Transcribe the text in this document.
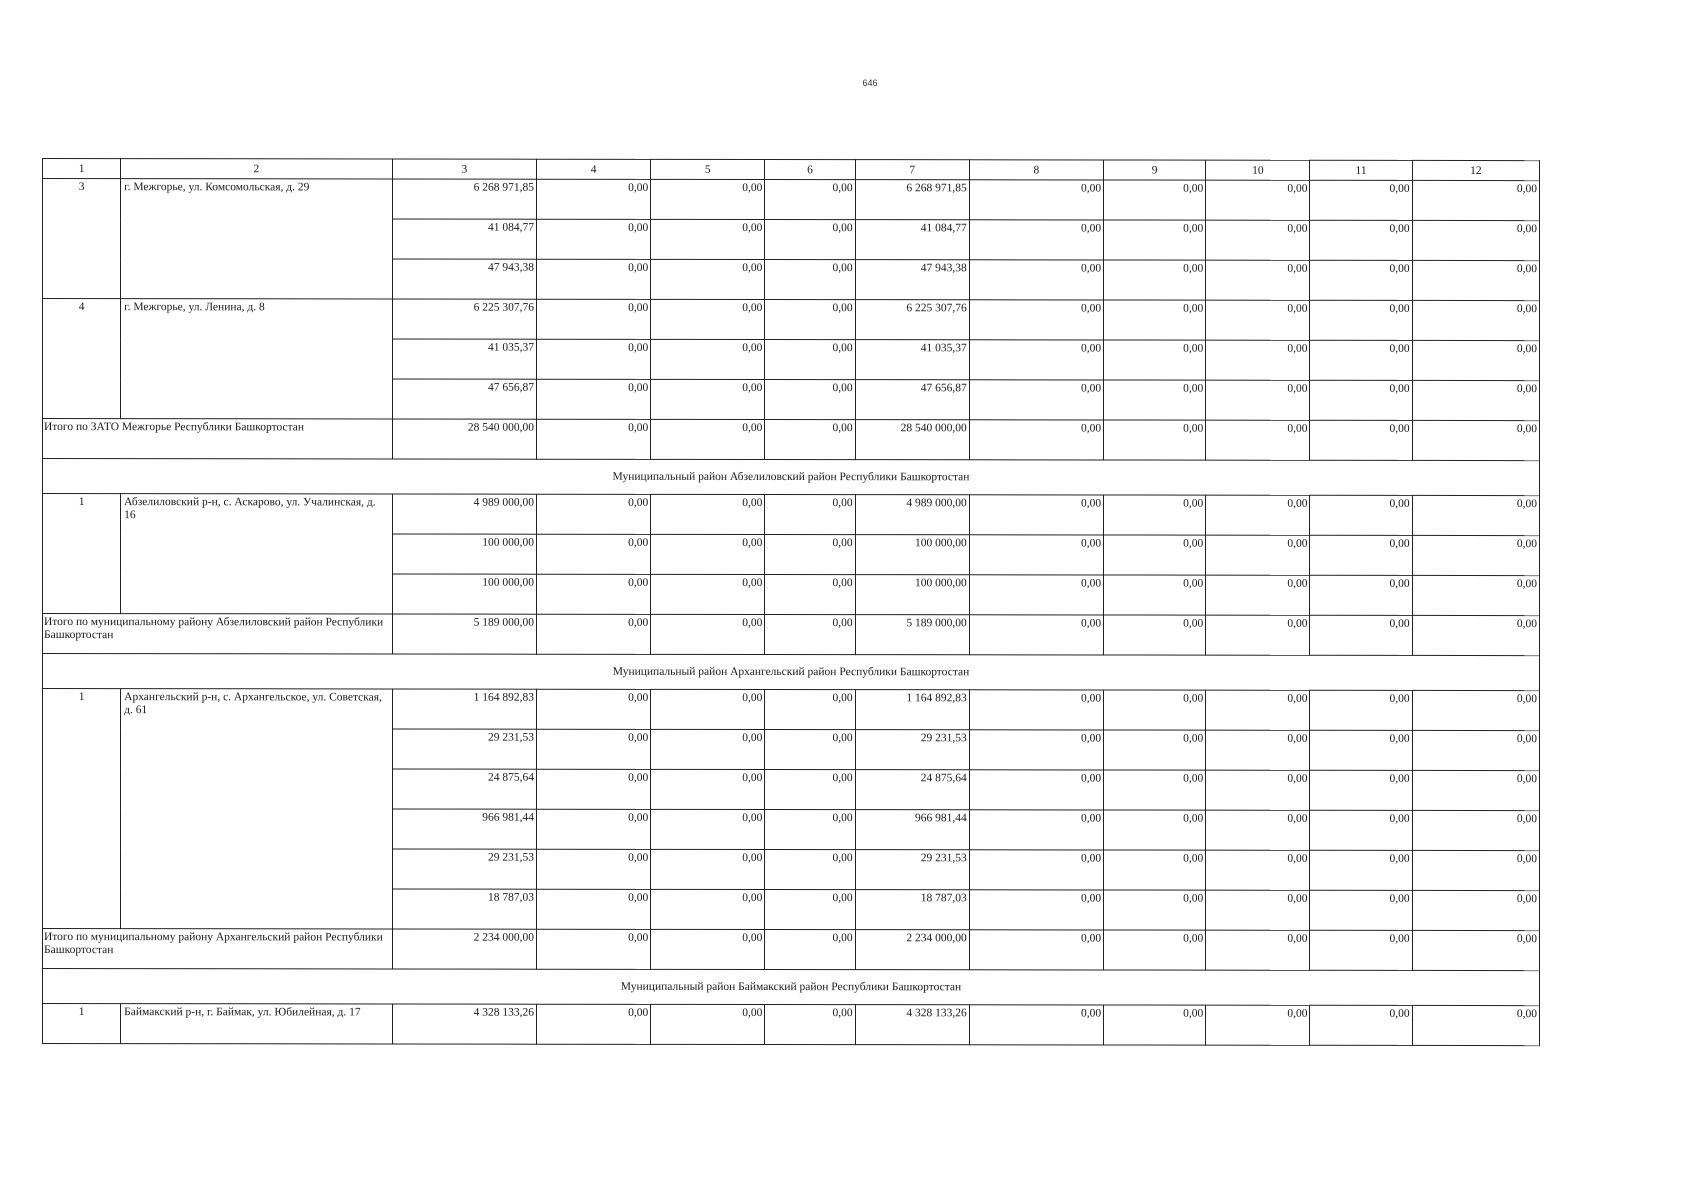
646
1	2	3	4	5	6	7	8	9	10	11	12
3	г. Межгорье, ул. Комсомольская, д. 29	6 268 971,85	0,00	0,00	0,00	6 268 971,85	0,00	0,00	0,00	0,00	0,00
		41 084,77	0,00	0,00	0,00	41 084,77	0,00	0,00	0,00	0,00	0,00
		47 943,38	0,00	0,00	0,00	47 943,38	0,00	0,00	0,00	0,00	0,00
4	г. Межгорье, ул. Ленина, д. 8	6 225 307,76	0,00	0,00	0,00	6 225 307,76	0,00	0,00	0,00	0,00	0,00
		41 035,37	0,00	0,00	0,00	41 035,37	0,00	0,00	0,00	0,00	0,00
		47 656,87	0,00	0,00	0,00	47 656,87	0,00	0,00	0,00	0,00	0,00
Итого по ЗАТО Межгорье Республики Башкортостан		28 540 000,00	0,00	0,00	0,00	28 540 000,00	0,00	0,00	0,00	0,00	0,00
Муниципальный район Абзелиловский район Республики Башкортостан											
1	Абзелиловский р-н, с. Аскарово, ул. Учалинская, д. 16	4 989 000,00	0,00	0,00	0,00	4 989 000,00	0,00	0,00	0,00	0,00	0,00
		100 000,00	0,00	0,00	0,00	100 000,00	0,00	0,00	0,00	0,00	0,00
		100 000,00	0,00	0,00	0,00	100 000,00	0,00	0,00	0,00	0,00	0,00
Итого по муниципальному району Абзелиловский район Республики Башкортостан		5 189 000,00	0,00	0,00	0,00	5 189 000,00	0,00	0,00	0,00	0,00	0,00
Муниципальный район Архангельский район Республики Башкортостан											
1	Архангельский р-н, с. Архангельское, ул. Советская, д. 61	1 164 892,83	0,00	0,00	0,00	1 164 892,83	0,00	0,00	0,00	0,00	0,00
		29 231,53	0,00	0,00	0,00	29 231,53	0,00	0,00	0,00	0,00	0,00
		24 875,64	0,00	0,00	0,00	24 875,64	0,00	0,00	0,00	0,00	0,00
		966 981,44	0,00	0,00	0,00	966 981,44	0,00	0,00	0,00	0,00	0,00
		29 231,53	0,00	0,00	0,00	29 231,53	0,00	0,00	0,00	0,00	0,00
		18 787,03	0,00	0,00	0,00	18 787,03	0,00	0,00	0,00	0,00	0,00
Итого по муниципальному району Архангельский район Республики Башкортостан		2 234 000,00	0,00	0,00	0,00	2 234 000,00	0,00	0,00	0,00	0,00	0,00
Муниципальный район Баймакский район Республики Башкортостан											
1	Баймакский р-н, г. Баймак, ул. Юбилейная, д. 17	4 328 133,26	0,00	0,00	0,00	4 328 133,26	0,00	0,00	0,00	0,00	0,00
